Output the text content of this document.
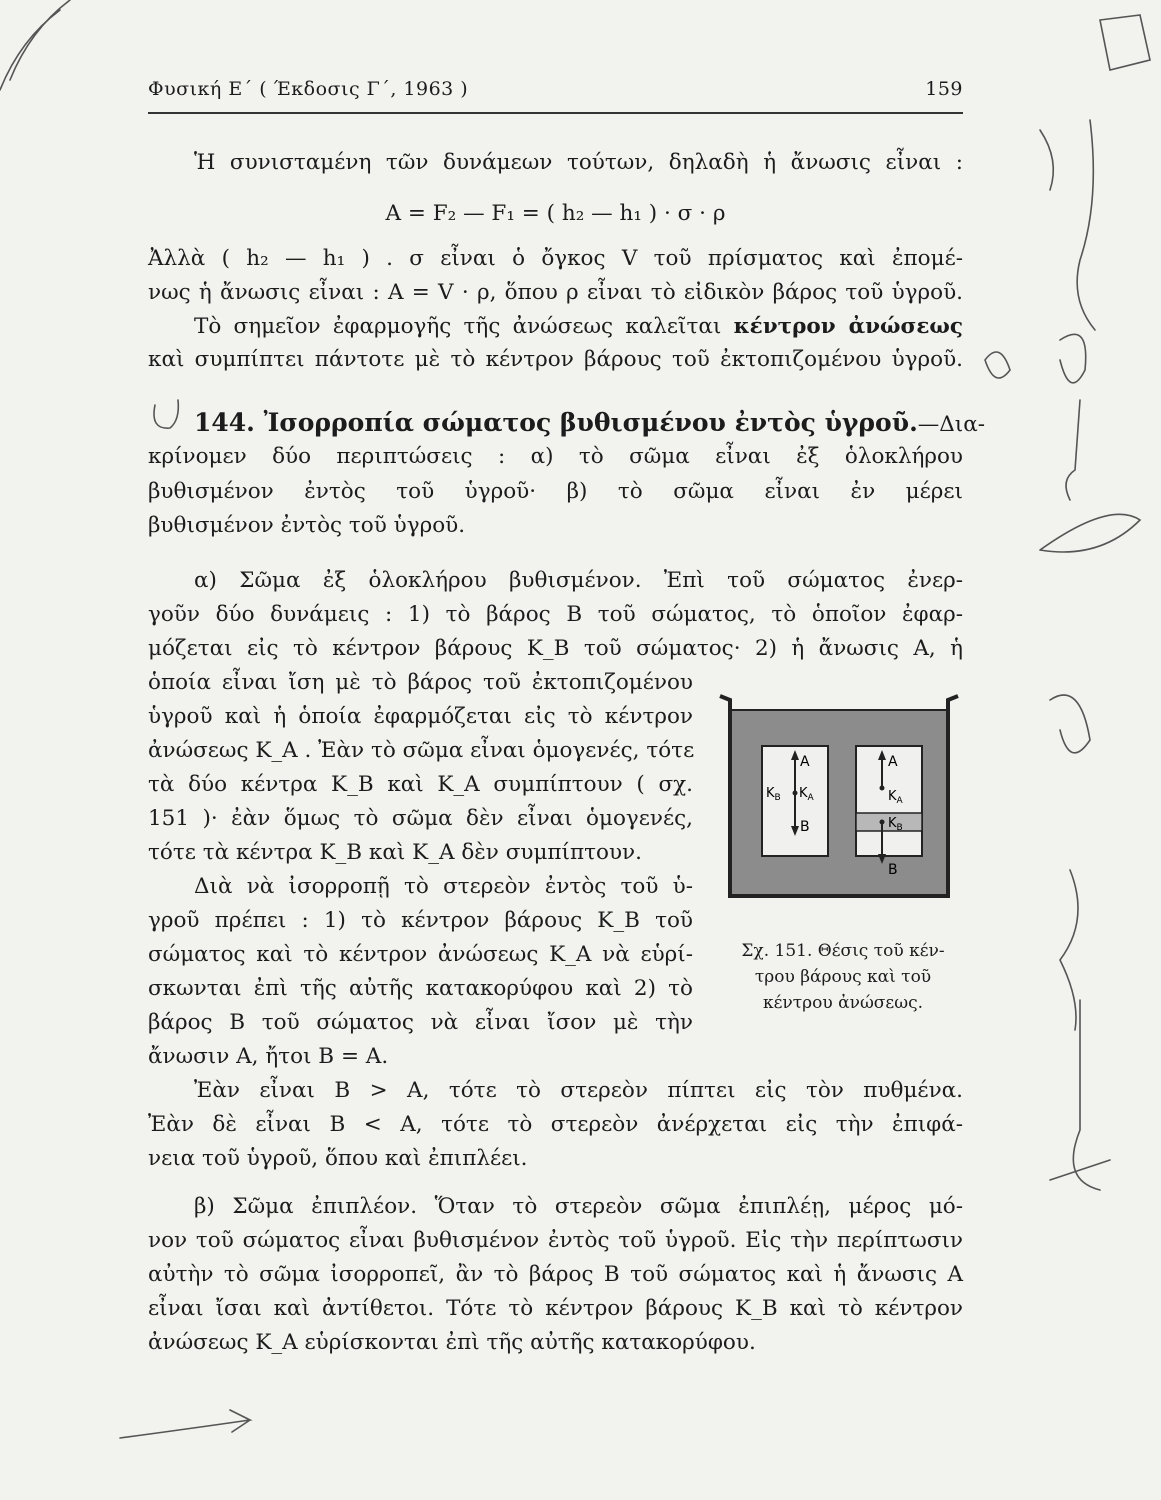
Φυσική Ε΄ ( Έκδοσις Γ΄, 1963 )	159
Ἡ συνισταμένη τῶν δυνάμεων τούτων, δηλαδὴ ἡ ἄνωσις εἶναι :
A = F₂ — F₁ = ( h₂ — h₁ ) · σ · ρ
Ἀλλὰ ( h₂ — h₁ ) . σ εἶναι ὁ ὄγκος V τοῦ πρίσματος καὶ ἐπομέ-
νως ἡ ἄνωσις εἶναι : A = V · ρ, ὅπου ρ εἶναι τὸ εἰδικὸν βάρος τοῦ ὑγροῦ.
Τὸ σημεῖον ἐφαρμογῆς τῆς ἀνώσεως καλεῖται κέντρον ἀνώσεως
καὶ συμπίπτει πάντοτε μὲ τὸ κέντρον βάρους τοῦ ἐκτοπιζομένου ὑγροῦ.
144. Ἰσορροπία σώματος βυθισμένου ἐντὸς ὑγροῦ.—Δια-
κρίνομεν δύο περιπτώσεις : α) τὸ σῶμα εἶναι ἐξ ὁλοκλήρου
βυθισμένον ἐντὸς τοῦ ὑγροῦ· β) τὸ σῶμα εἶναι ἐν μέρει
βυθισμένον ἐντὸς τοῦ ὑγροῦ.
α) Σῶμα ἐξ ὁλοκλήρου βυθισμένον. Ἐπὶ τοῦ σώματος ἐνερ-
γοῦν δύο δυνάμεις : 1) τὸ βάρος B τοῦ σώματος, τὸ ὁποῖον ἐφαρ-
μόζεται εἰς τὸ κέντρον βάρους K_B τοῦ σώματος· 2) ἡ ἄνωσις A, ἡ
ὁποία εἶναι ἴση μὲ τὸ βάρος τοῦ ἐκτοπιζομένου
ὑγροῦ καὶ ἡ ὁποία ἐφαρμόζεται εἰς τὸ κέντρον
ἀνώσεως K_A . Ἐὰν τὸ σῶμα εἶναι ὁμογενές, τότε
τὰ δύο κέντρα K_B καὶ K_A συμπίπτουν ( σχ.
151 )· ἐὰν ὅμως τὸ σῶμα δὲν εἶναι ὁμογενές,
τότε τὰ κέντρα K_B καὶ K_A δὲν συμπίπτουν.
Διὰ νὰ ἰσορροπῇ τὸ στερεὸν ἐντὸς τοῦ ὑ-
γροῦ πρέπει : 1) τὸ κέντρον βάρους K_B τοῦ
σώματος καὶ τὸ κέντρον ἀνώσεως K_A νὰ εὑρί-
σκωνται ἐπὶ τῆς αὐτῆς κατακορύφου καὶ 2) τὸ
βάρος B τοῦ σώματος νὰ εἶναι ἴσον μὲ τὴν
ἄνωσιν A, ἤτοι B = A.
Ἐὰν εἶναι B > A, τότε τὸ στερεὸν πίπτει εἰς τὸν πυθμένα.
Ἐὰν δὲ εἶναι B < A, τότε τὸ στερεὸν ἀνέρχεται εἰς τὴν ἐπιφά-
νεια τοῦ ὑγροῦ, ὅπου καὶ ἐπιπλέει.
β) Σῶμα ἐπιπλέον. Ὅταν τὸ στερεὸν σῶμα ἐπιπλέῃ, μέρος μό-
νον τοῦ σώματος εἶναι βυθισμένον ἐντὸς τοῦ ὑγροῦ. Εἰς τὴν περίπτωσιν
αὐτὴν τὸ σῶμα ἰσορροπεῖ, ἂν τὸ βάρος B τοῦ σώματος καὶ ἡ ἄνωσις A
εἶναι ἴσαι καὶ ἀντίθετοι. Τότε τὸ κέντρον βάρους K_B καὶ τὸ κέντρον
ἀνώσεως K_A εὑρίσκονται ἐπὶ τῆς αὐτῆς κατακορύφου.
A
$K_B$ $K_A$
B
A
$K_A$
$K_B$
B
Σχ. 151. Θέσις τοῦ κέν-
τρου βάρους καὶ τοῦ
κέντρου ἀνώσεως.
